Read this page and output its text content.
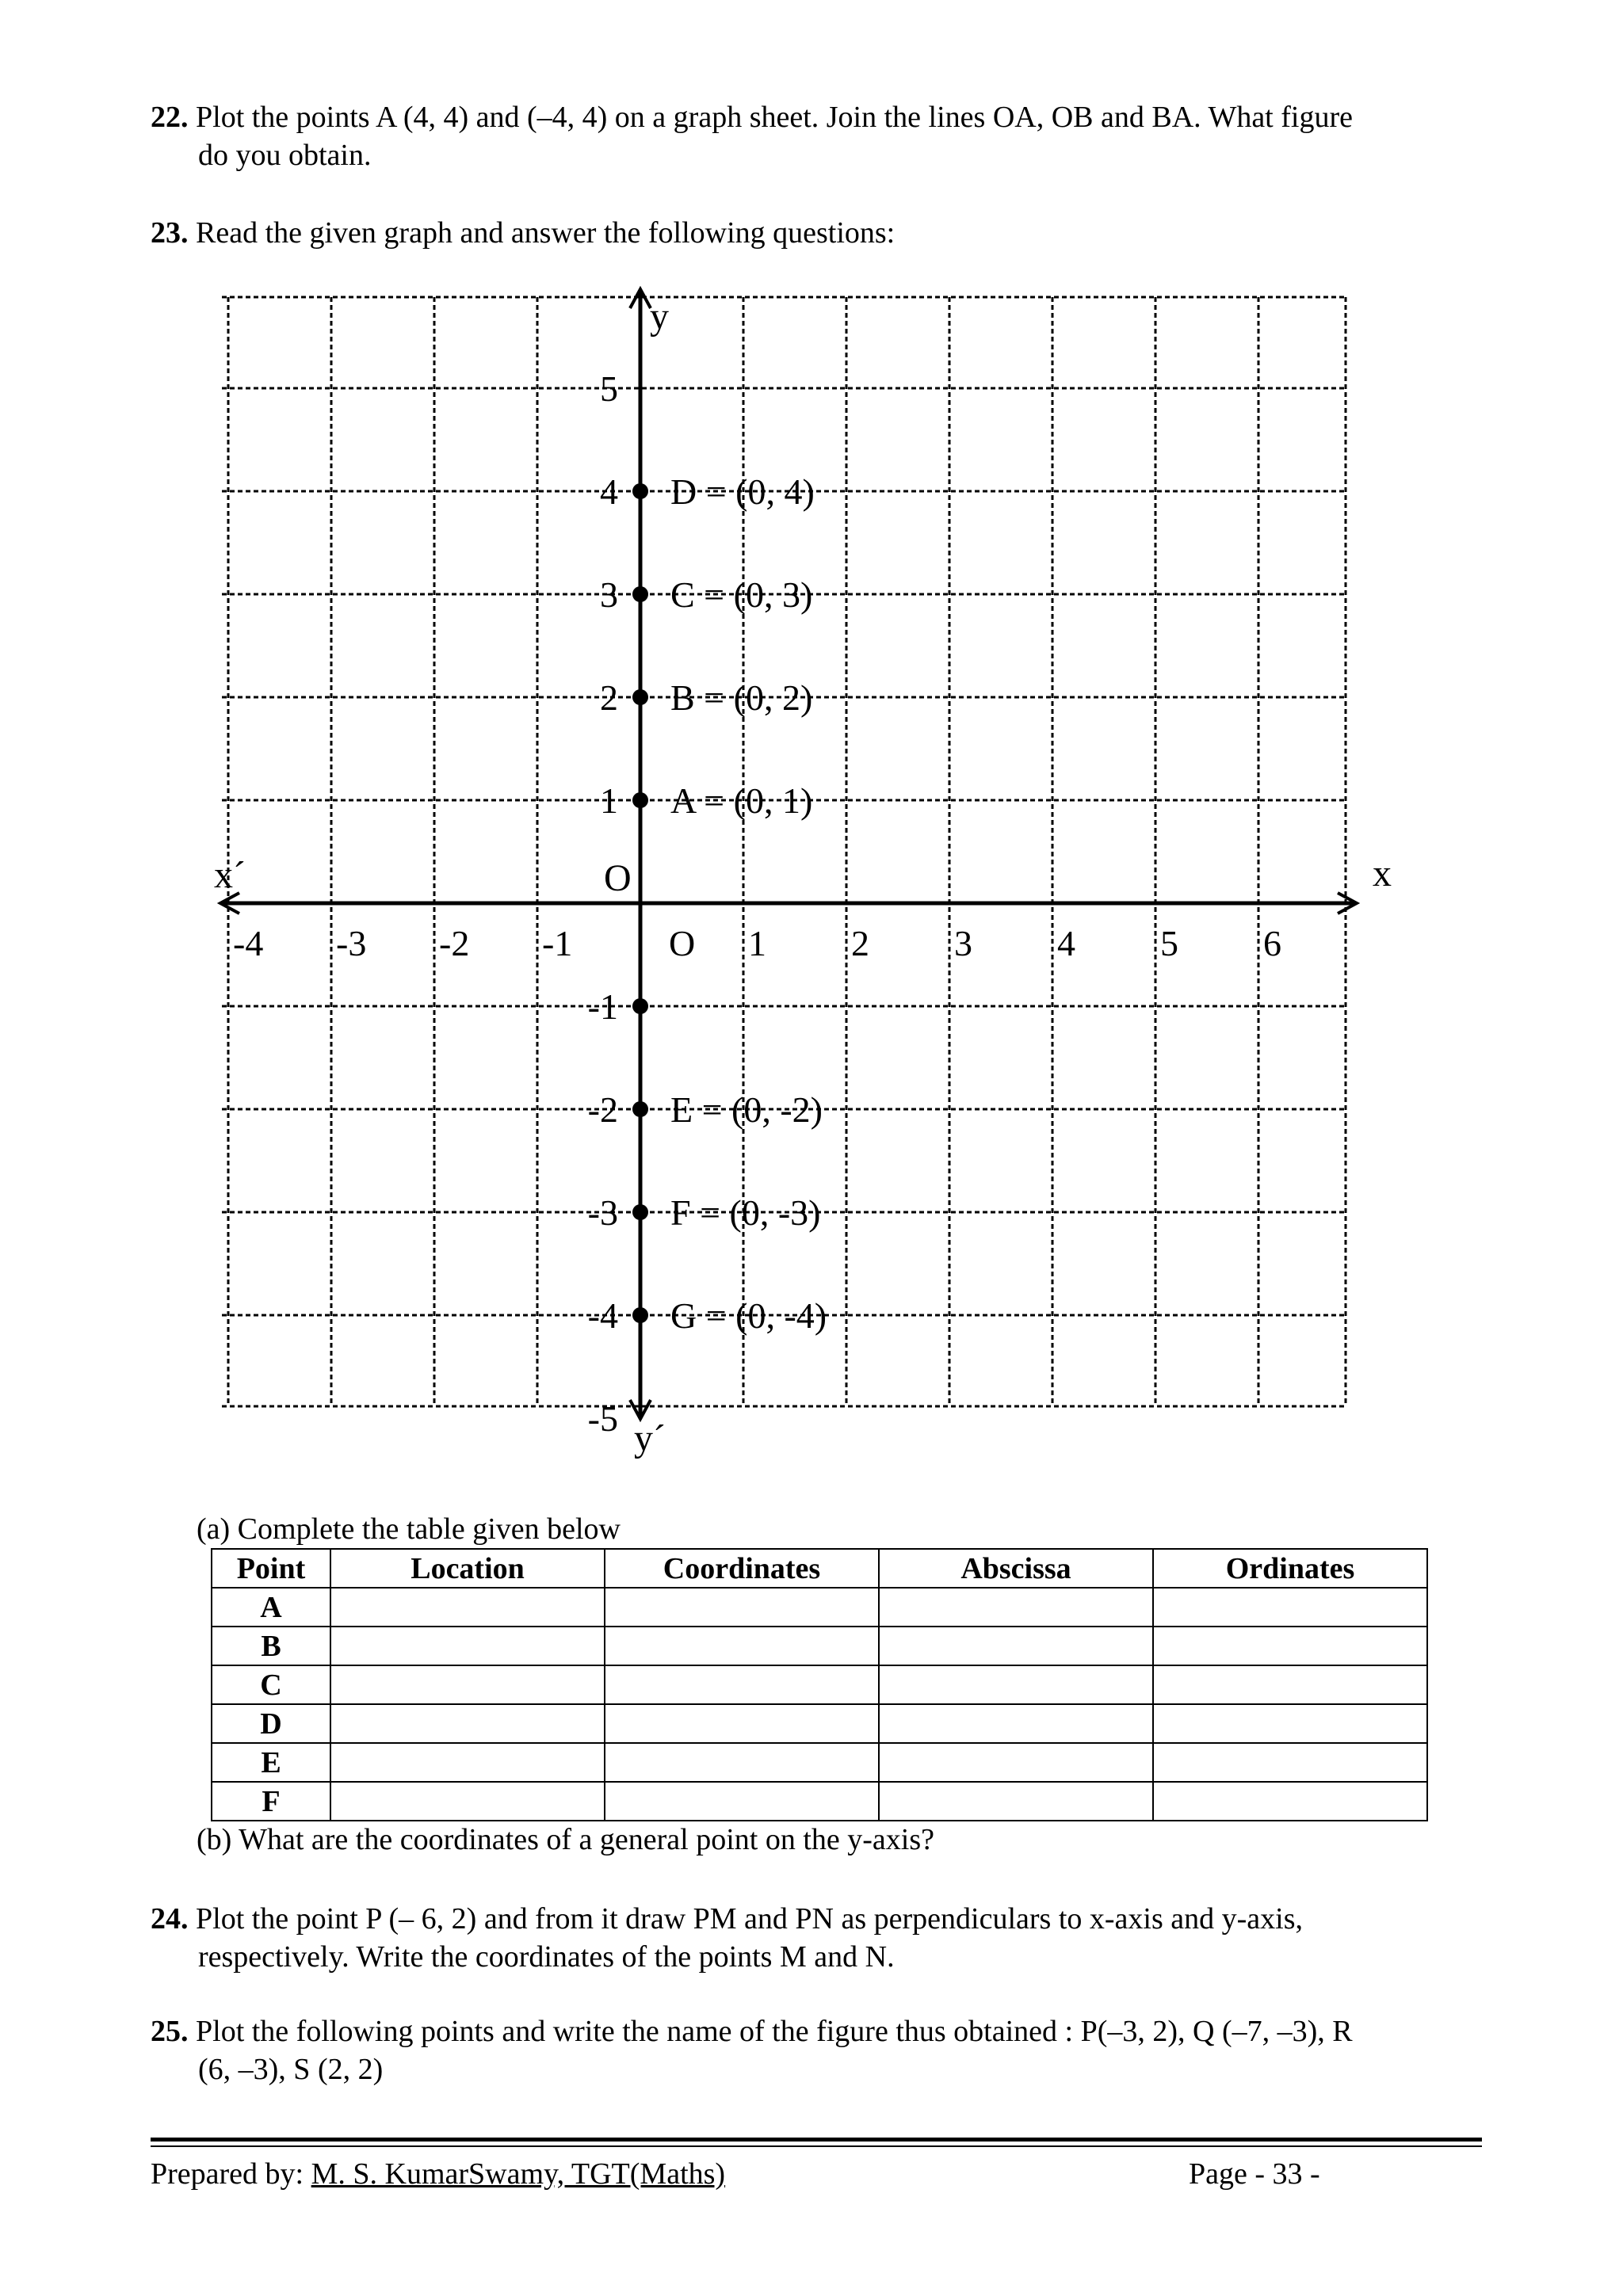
22. Plot the points A (4, 4) and (–4, 4) on a graph sheet. Join the lines OA, OB and BA. What figure
do you obtain.
23. Read the given graph and answer the following questions:
-4 -3 -2 -1	O 1 2 3 4 5 6
5
4
3
2
1
-1
-2
-3
-4
-5
D = (0, 4)
C = (0, 3)
B = (0, 2)
A = (0, 1)
E = (0, -2)
F = (0, -3)
G = (0, -4)
x
x´
y
y´
O
(a) Complete the table given below
Point	Location	Coordinates	Abscissa	Ordinates
A				
B				
C				
D				
E				
F				
(b) What are the coordinates of a general point on the y-axis?
24. Plot the point P (– 6, 2) and from it draw PM and PN as perpendiculars to x-axis and y-axis,
respectively. Write the coordinates of the points M and N.
25. Plot the following points and write the name of the figure thus obtained : P(–3, 2), Q (–7, –3), R
(6, –3), S (2, 2)
Prepared by: M. S. KumarSwamy, TGT(Maths)	Page - 33 -
